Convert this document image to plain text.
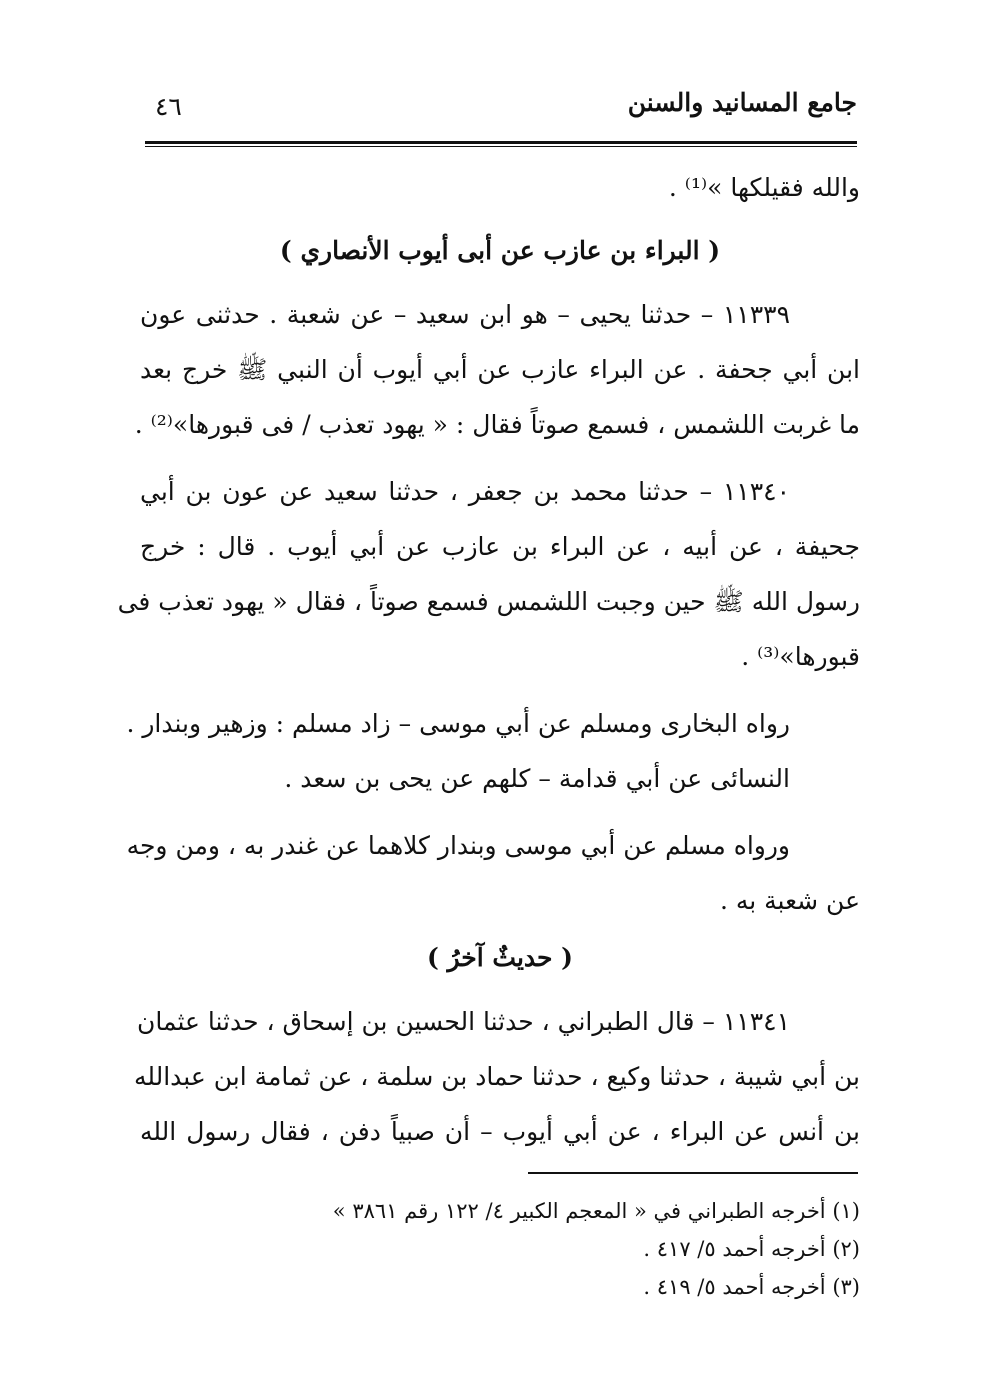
جامع المسانيد والسنن
٤٦
والله فقيلكها »⁽¹⁾ .
( البراء بن عازب عن أبى أيوب الأنصاري )
١١٣٣٩ – حدثنا يحيى – هو ابن سعيد – عن شعبة . حدثنى عون
ابن أبي جحفة . عن البراء عازب عن أبي أيوب أن النبي ﷺ خرج بعد
ما غربت اللشمس ، فسمع صوتاً فقال : « يهود تعذب / فى قبورها»⁽²⁾ .
١١٣٤٠ – حدثنا محمد بن جعفر ، حدثنا سعيد عن عون بن أبي
جحيفة ، عن أبيه ، عن البراء بن عازب عن أبي أيوب . قال : خرج
رسول الله ﷺ حين وجبت اللشمس فسمع صوتاً ، فقال « يهود تعذب فى
قبورها»⁽³⁾ .
رواه البخارى ومسلم عن أبي موسى – زاد مسلم : وزهير وبندار .
النسائى عن أبي قدامة – كلهم عن يحى بن سعد .
ورواه مسلم عن أبي موسى وبندار كلاهما عن غندر به ، ومن وجه
عن شعبة به .
( حديثٌ آخرُ )
١١٣٤١ – قال الطبراني ، حدثنا الحسين بن إسحاق ، حدثنا عثمان
بن أبي شيبة ، حدثنا وكيع ، حدثنا حماد بن سلمة ، عن ثمامة ابن عبدالله
بن أنس عن البراء ، عن أبي أيوب – أن صبياً دفن ، فقال رسول الله
(١) أخرجه الطبراني في « المعجم الكبير ٤/ ١٢٢ رقم ٣٨٦١ »
(٢) أخرجه أحمد ٥/ ٤١٧ .
(٣) أخرجه أحمد ٥/ ٤١٩ .
